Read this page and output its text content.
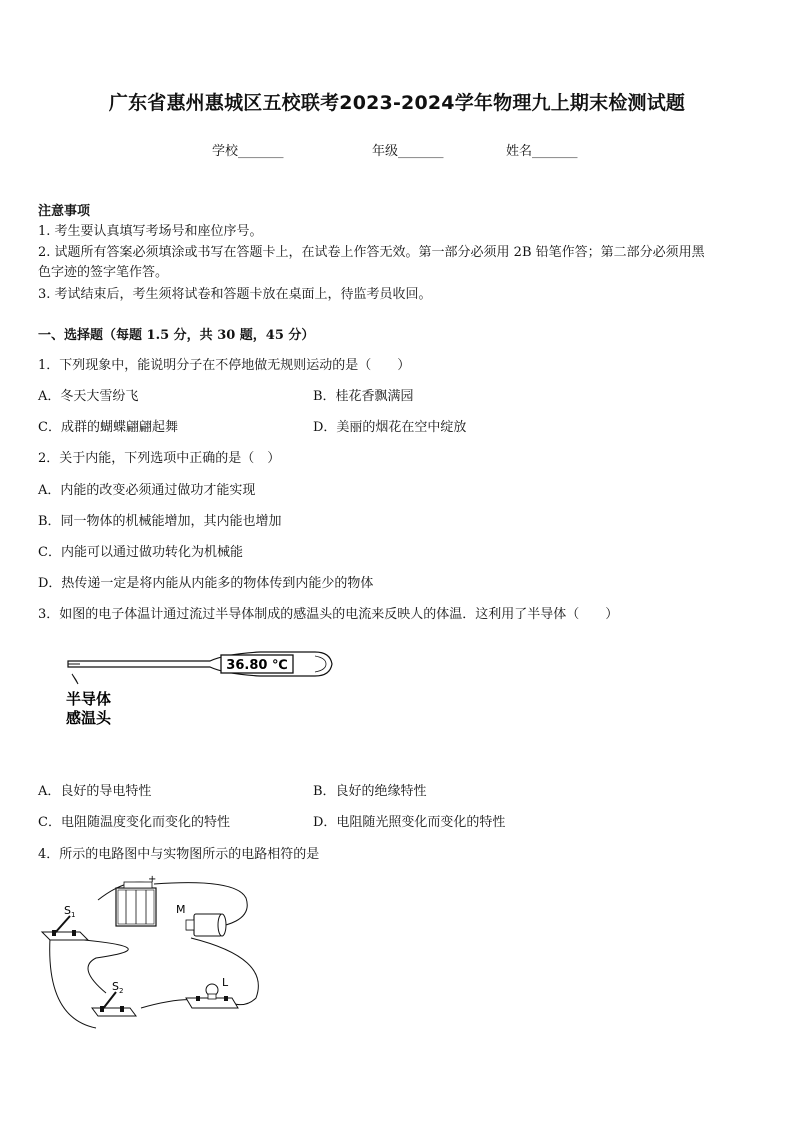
广东省惠州惠城区五校联考2023-2024学年物理九上期末检测试题
学校_______	年级_______	姓名_______
注意事项
1. 考生要认真填写考场号和座位序号。
2. 试题所有答案必须填涂或书写在答题卡上，在试卷上作答无效。第一部分必须用 2B 铅笔作答；第二部分必须用黑
色字迹的签字笔作答。
3. 考试结束后，考生须将试卷和答题卡放在桌面上，待监考员收回。
一、选择题（每题 1.5 分，共 30 题，45 分）
1．下列现象中，能说明分子在不停地做无规则运动的是（　　）
A．冬天大雪纷飞	B．桂花香飘满园
C．成群的蝴蝶翩翩起舞	D．美丽的烟花在空中绽放
2．关于内能，下列选项中正确的是（　）
A．内能的改变必须通过做功才能实现
B．同一物体的机械能增加，其内能也增加
C．内能可以通过做功转化为机械能
D．热传递一定是将内能从内能多的物体传到内能少的物体
3．如图的电子体温计通过流过半导体制成的感温头的电流来反映人的体温．这利用了半导体（　　）
36.80 ℃
半导体
感温头
A．良好的导电特性	B．良好的绝缘特性
C．电阻随温度变化而变化的特性	D．电阻随光照变化而变化的特性
4．所示的电路图中与实物图所示的电路相符的是
+
M
$S_1$
$S_2$
L
